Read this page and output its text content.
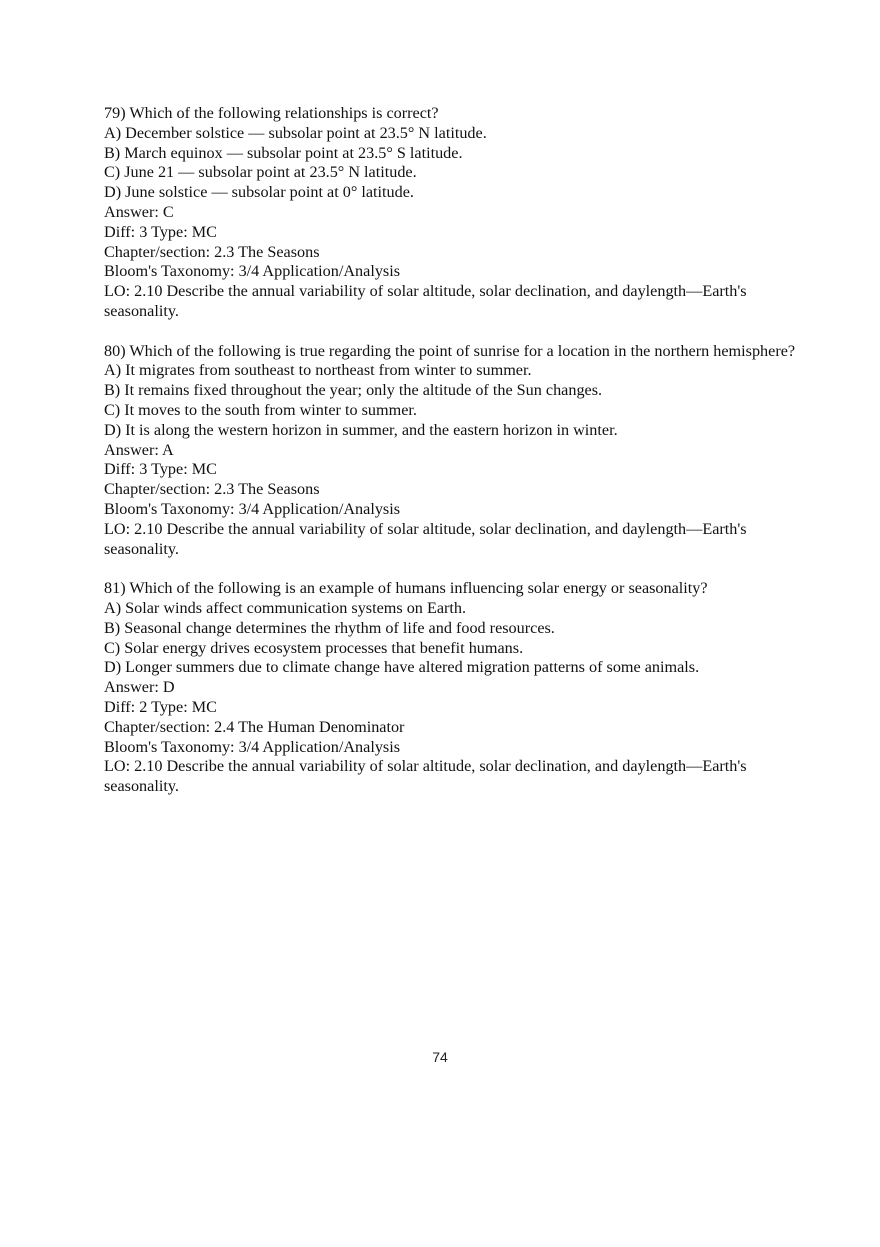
79) Which of the following relationships is correct?
A) December solstice — subsolar point at 23.5° N latitude.
B) March equinox — subsolar point at 23.5° S latitude.
C) June 21 — subsolar point at 23.5° N latitude.
D) June solstice — subsolar point at 0° latitude.
Answer: C
Diff: 3 Type: MC
Chapter/section: 2.3 The Seasons
Bloom's Taxonomy: 3/4 Application/Analysis
LO: 2.10 Describe the annual variability of solar altitude, solar declination, and daylength—Earth's seasonality.
80) Which of the following is true regarding the point of sunrise for a location in the northern hemisphere?
A) It migrates from southeast to northeast from winter to summer.
B) It remains fixed throughout the year; only the altitude of the Sun changes.
C) It moves to the south from winter to summer.
D) It is along the western horizon in summer, and the eastern horizon in winter.
Answer: A
Diff: 3 Type: MC
Chapter/section: 2.3 The Seasons
Bloom's Taxonomy: 3/4 Application/Analysis
LO: 2.10 Describe the annual variability of solar altitude, solar declination, and daylength—Earth's seasonality.
81) Which of the following is an example of humans influencing solar energy or seasonality?
A) Solar winds affect communication systems on Earth.
B) Seasonal change determines the rhythm of life and food resources.
C) Solar energy drives ecosystem processes that benefit humans.
D) Longer summers due to climate change have altered migration patterns of some animals.
Answer: D
Diff: 2 Type: MC
Chapter/section: 2.4 The Human Denominator
Bloom's Taxonomy: 3/4 Application/Analysis
LO: 2.10 Describe the annual variability of solar altitude, solar declination, and daylength—Earth's seasonality.
74
